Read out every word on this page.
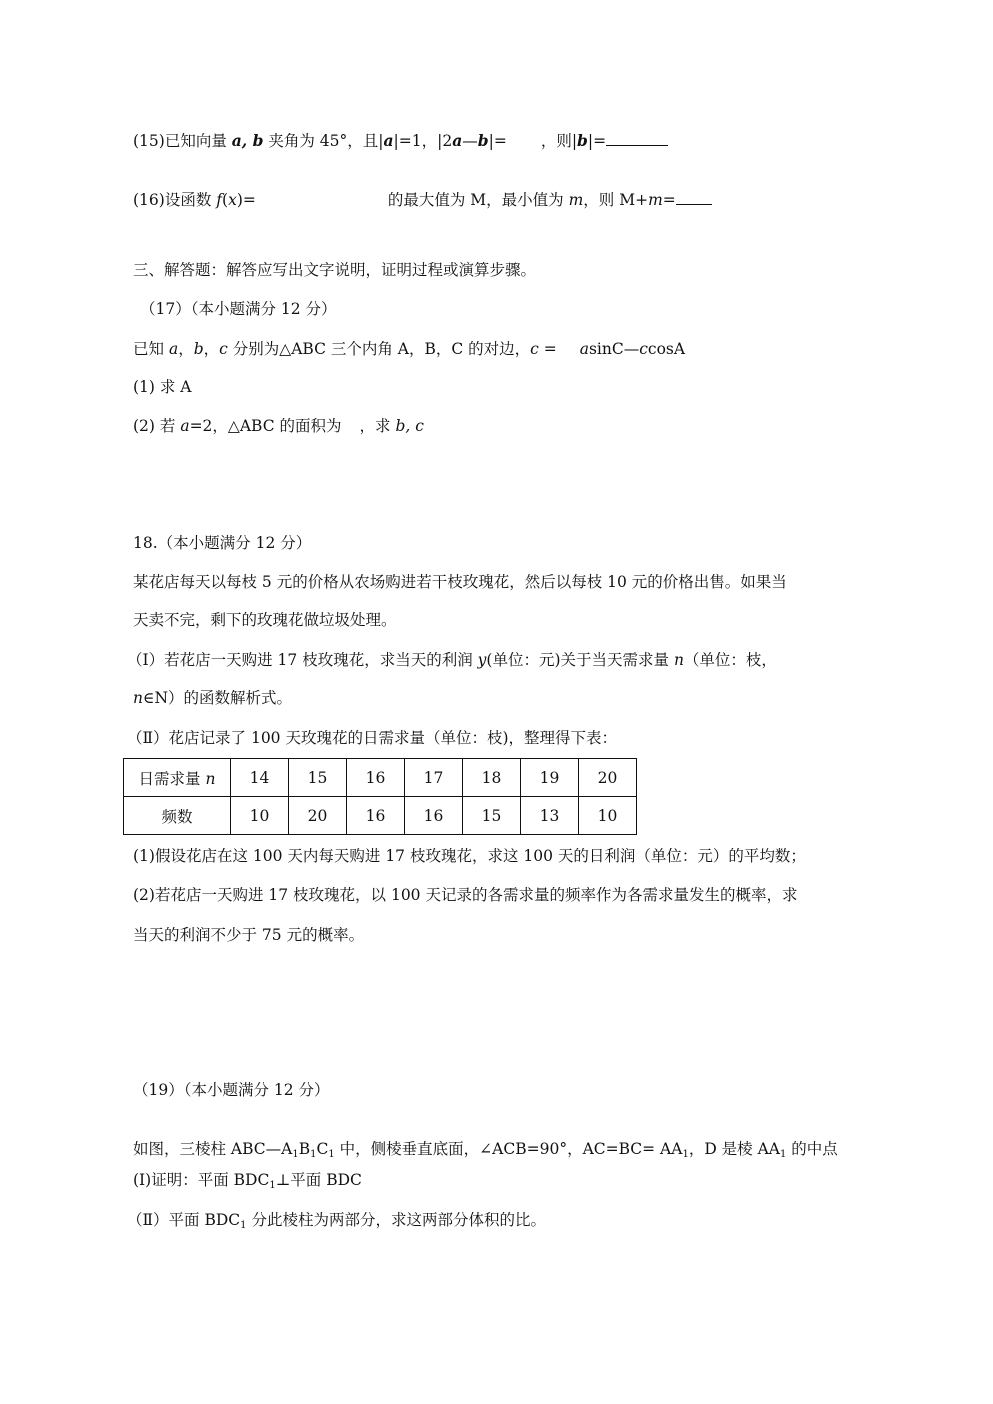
(15)已知向量 a, b 夹角为 45°，且|a|=1，|2a—b|= ，则|b|=
(16)设函数 f(x)=	的最大值为 M，最小值为 m，则 M+m=
三、解答题：解答应写出文字说明，证明过程或演算步骤。
（17）（本小题满分 12 分）
已知 a，b，c 分别为△ABC 三个内角 A，B，C 的对边，c = asinC—ccosA
(1) 求 A
(2) 若 a=2，△ABC 的面积为 ，求 b, c
18.（本小题满分 12 分）
某花店每天以每枝 5 元的价格从农场购进若干枝玫瑰花，然后以每枝 10 元的价格出售。如果当
天卖不完，剩下的玫瑰花做垃圾处理。
（Ⅰ）若花店一天购进 17 枝玫瑰花，求当天的利润 y(单位：元)关于当天需求量 n（单位：枝，
n∈N）的函数解析式。
（Ⅱ）花店记录了 100 天玫瑰花的日需求量（单位：枝)，整理得下表：
日需求量 n	14	15	16	17	18	19	20
频数	10	20	16	16	15	13	10
(1)假设花店在这 100 天内每天购进 17 枝玫瑰花，求这 100 天的日利润（单位：元）的平均数；
(2)若花店一天购进 17 枝玫瑰花，以 100 天记录的各需求量的频率作为各需求量发生的概率，求
当天的利润不少于 75 元的概率。
（19）（本小题满分 12 分）
如图，三棱柱 $ABC—A_1B_1C_1$ 中，侧棱垂直底面，∠ACB=90°，$AC=BC= AA_1$，D 是棱 $AA_1$ 的中点
(Ⅰ)证明：平面 $BDC_1\perp$平面 BDC
（Ⅱ）平面 $BDC_1$ 分此棱柱为两部分，求这两部分体积的比。
